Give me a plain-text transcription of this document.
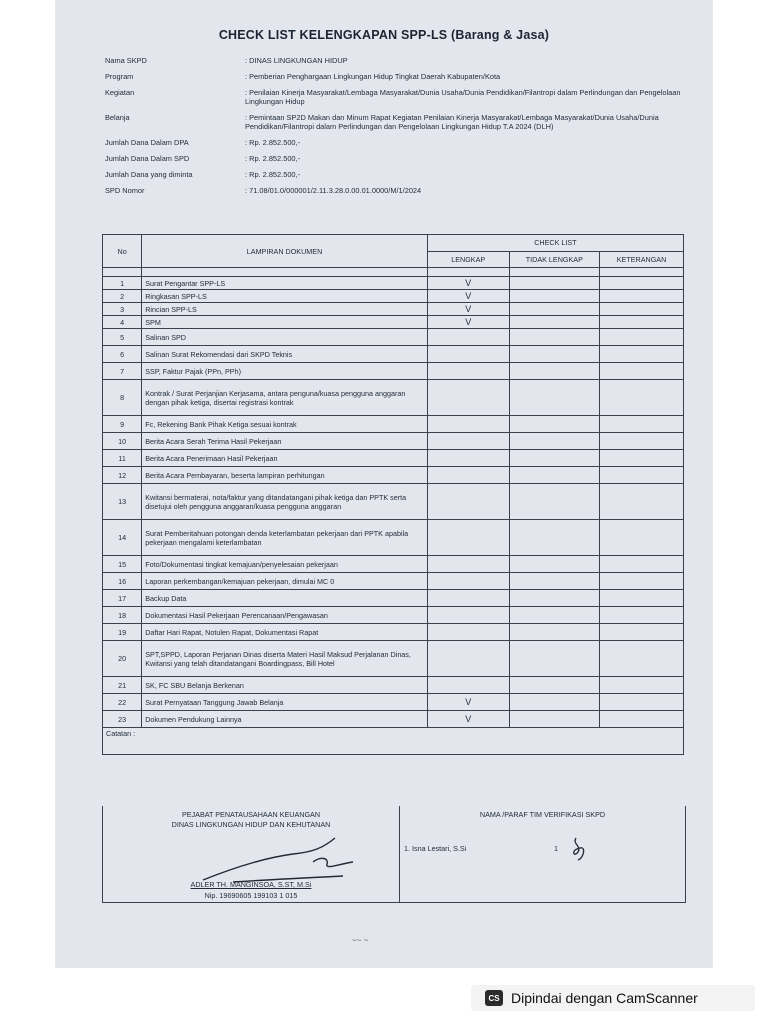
CHECK LIST KELENGKAPAN SPP-LS (Barang & Jasa)
Nama SKPD	: DINAS LINGKUNGAN HIDUP
Program	: Pemberian Penghargaan Lingkungan Hidup Tingkat Daerah Kabupaten/Kota
Kegiatan	: Penilaian Kinerja Masyarakat/Lembaga Masyarakat/Dunia Usaha/Dunia Pendidikan/Filantropi dalam Perlindungan dan Pengelolaan Lingkungan Hidup
Belanja	: Pemintaan SP2D Makan dan Minum Rapat Kegiatan Penilaian Kinerja Masyarakat/Lembaga Masyarakat/Dunia Usaha/Dunia Pendidikan/Filantropi dalam Perlindungan dan Pengelolaan Lingkungan Hidup T.A 2024 (DLH)
Jumlah Dana Dalam DPA	: Rp. 2.852.500,-
Jumlah Dana Dalam SPD	: Rp. 2.852.500,-
Jumlah Dana yang diminta	: Rp. 2.852.500,-
SPD Nomor	: 71.08/01.0/000001/2.11.3.28.0.00.01.0000/M/1/2024
No	LAMPIRAN DOKUMEN	CHECK LIST		
		LENGKAP	TIDAK LENGKAP	KETERANGAN

1	Surat Pengantar SPP-LS	V		
2	Ringkasan SPP-LS	V		
3	Rincian SPP-LS	V		
4	SPM	V		
5	Salinan SPD			
6	Salinan Surat Rekomendasi dari SKPD Teknis			
7	SSP, Faktur Pajak (PPn, PPh)			
8	Kontrak / Surat Perjanjian Kerjasama, antara penguna/kuasa pengguna anggaran dengan pihak ketiga, disertai registrasi kontrak			
9	Fc, Rekening Bank Pihak Ketiga sesuai kontrak			
10	Berita Acara Serah Terima Hasil Pekerjaan			
11	Berita Acara Penerimaan Hasil Pekerjaan			
12	Berita Acara Pembayaran, beserta lampiran perhitungan			
13	Kwitansi bermaterai, nota/faktur yang ditandatangani pihak ketiga dan PPTK serta disetujui oleh pengguna anggaran/kuasa pengguna anggaran			
14	Surat Pemberitahuan potongan denda keterlambatan pekerjaan dari PPTK apabila pekerjaan mengalami keterlambatan			
15	Foto/Dokumentasi tingkat kemajuan/penyelesaian pekerjaan			
16	Laporan perkembangan/kemajuan pekerjaan, dimulai MC 0			
17	Backup Data			
18	Dokumentasi Hasil Pekerjaan Perencanaan/Pengawasan			
19	Daftar Hari Rapat, Notulen Rapat, Dokumentasi Rapat			
20	SPT,SPPD, Laporan Perjanan Dinas diserta Materi Hasil Maksud Perjalanan Dinas, Kwitansi yang telah ditandatangani Boardingpass, Bill Hotel			
21	SK, FC SBU Belanja Berkenan			
22	Surat Pernyataan Tanggung Jawab Belanja	V		
23	Dokumen Pendukung Lainnya	V		
Catatan :				
PEJABAT PENATAUSAHAAN KEUANGAN
DINAS LINGKUNGAN HIDUP DAN KEHUTANAN
ADLER TH. MANGINSOA, S.ST, M.Si
Nip. 19690605 199103 1 015
NAMA /PARAF TIM VERIFIKASI SKPD
1. Isna Lestari, S.Si	1
~~ ~
CS Dipindai dengan CamScanner
